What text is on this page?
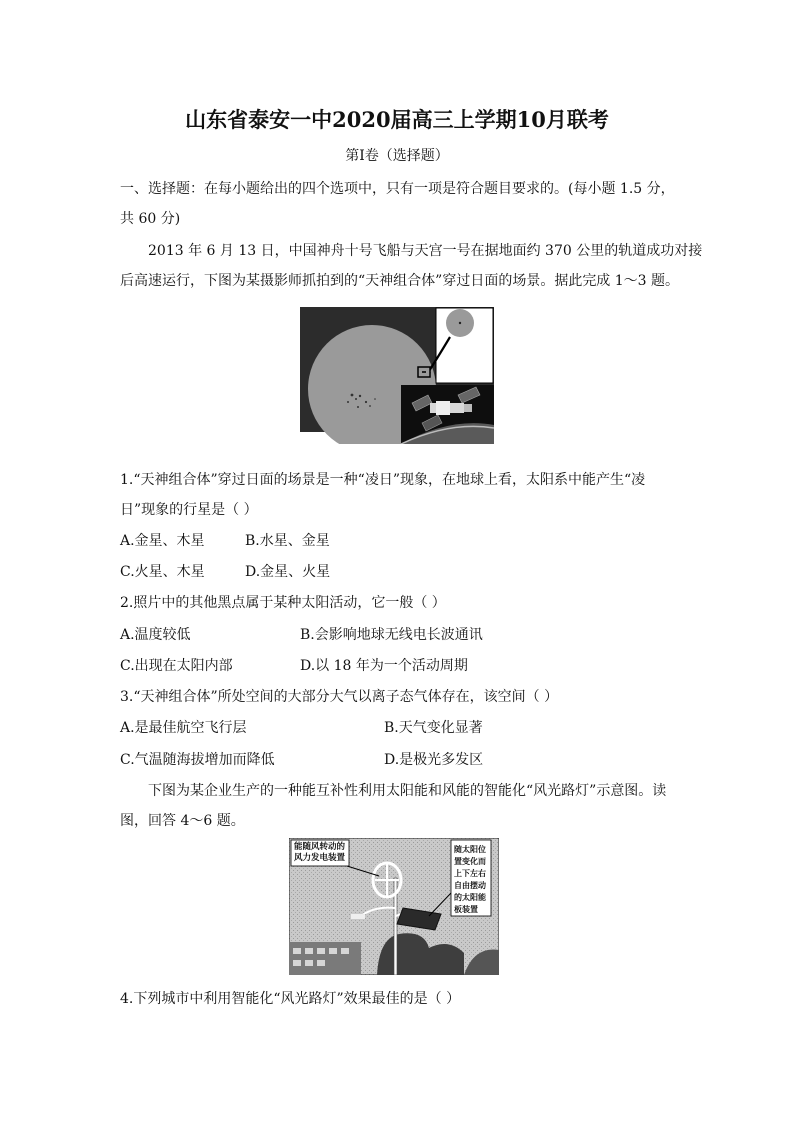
山东省泰安一中2020届高三上学期10月联考
第Ⅰ卷（选择题）
一、选择题：在每小题给出的四个选项中，只有一项是符合题目要求的。(每小题 1.5 分，
共 60 分)
2013 年 6 月 13 日，中国神舟十号飞船与天宫一号在据地面约 370 公里的轨道成功对接
后高速运行，下图为某摄影师抓拍到的“天神组合体”穿过日面的场景。据此完成 1～3 题。
1.“天神组合体”穿过日面的场景是一种“凌日”现象，在地球上看，太阳系中能产生“凌
日”现象的行星是（ ）
A.金星、木星	B.水星、金星
C.火星、木星	D.金星、火星
2.照片中的其他黑点属于某种太阳活动，它一般（ ）
A.温度较低	B.会影响地球无线电长波通讯
C.出现在太阳内部	D.以 18 年为一个活动周期
3.“天神组合体”所处空间的大部分大气以离子态气体存在，该空间（ ）
A.是最佳航空飞行层	B.天气变化显著
C.气温随海拔增加而降低	D.是极光多发区
下图为某企业生产的一种能互补性利用太阳能和风能的智能化“风光路灯”示意图。读
图，回答 4～6 题。
能随风转动的
风力发电装置
随太阳位
置变化而
上下左右
自由摆动
的太阳能
板装置
4.下列城市中利用智能化“风光路灯”效果最佳的是（ ）
